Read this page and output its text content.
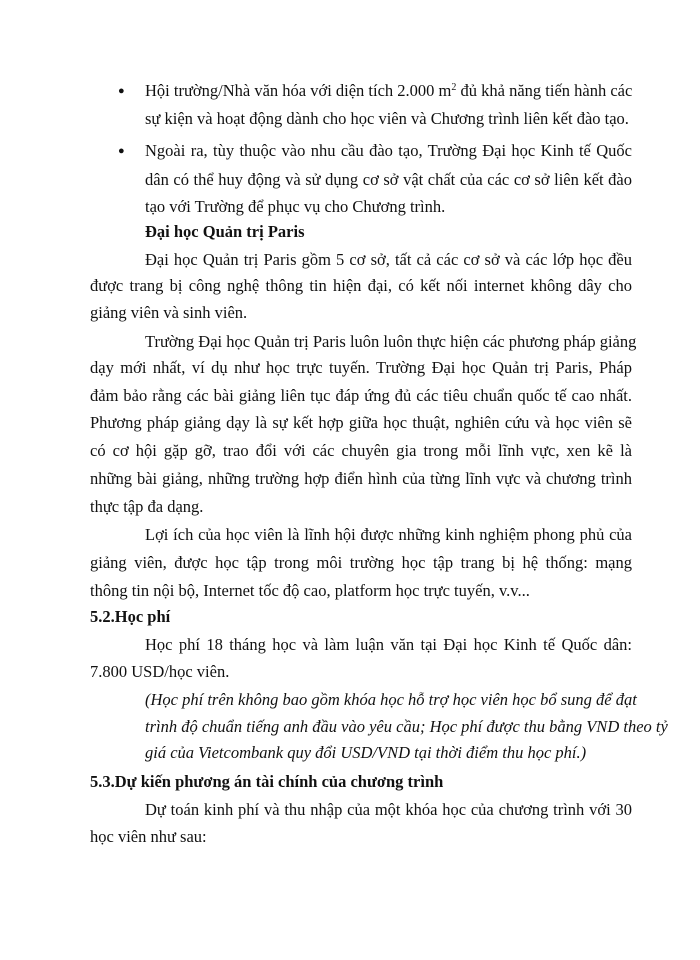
● Hội trường/Nhà văn hóa với diện tích 2.000 $m^2$ đủ khả năng tiến hành các
sự kiện và hoạt động dành cho học viên và Chương trình liên kết đào tạo.
● Ngoài ra, tùy thuộc vào nhu cầu đào tạo, Trường Đại học Kinh tế Quốc
dân có thể huy động và sử dụng cơ sở vật chất của các cơ sở liên kết đào
tạo với Trường để phục vụ cho Chương trình.
Đại học Quản trị Paris
Đại học Quản trị Paris gồm 5 cơ sở, tất cả các cơ sở và các lớp học đều
được trang bị công nghệ thông tin hiện đại, có kết nối internet không dây cho
giảng viên và sinh viên.
Trường Đại học Quản trị Paris luôn luôn thực hiện các phương pháp giảng
dạy mới nhất, ví dụ như học trực tuyến. Trường Đại học Quản trị Paris, Pháp
đảm bảo rằng các bài giảng liên tục đáp ứng đủ các tiêu chuẩn quốc tế cao nhất.
Phương pháp giảng dạy là sự kết hợp giữa học thuật, nghiên cứu và học viên sẽ
có cơ hội gặp gỡ, trao đổi với các chuyên gia trong mỗi lĩnh vực, xen kẽ là
những bài giảng, những trường hợp điển hình của từng lĩnh vực và chương trình
thực tập đa dạng.
Lợi ích của học viên là lĩnh hội được những kinh nghiệm phong phủ của
giảng viên, được học tập trong môi trường học tập trang bị hệ thống: mạng
thông tin nội bộ, Internet tốc độ cao, platform học trực tuyến, v.v...
5.2.Học phí
Học phí 18 tháng học và làm luận văn tại Đại học Kinh tế Quốc dân:
7.800 USD/học viên.
(Học phí trên không bao gồm khóa học hỗ trợ học viên học bổ sung để đạt
trình độ chuẩn tiếng anh đầu vào yêu cầu; Học phí được thu bằng VND theo tỷ
giá của Vietcombank quy đổi USD/VND tại thời điểm thu học phí.)
5.3.Dự kiến phương án tài chính của chương trình
Dự toán kinh phí và thu nhập của một khóa học của chương trình với 30
học viên như sau:
